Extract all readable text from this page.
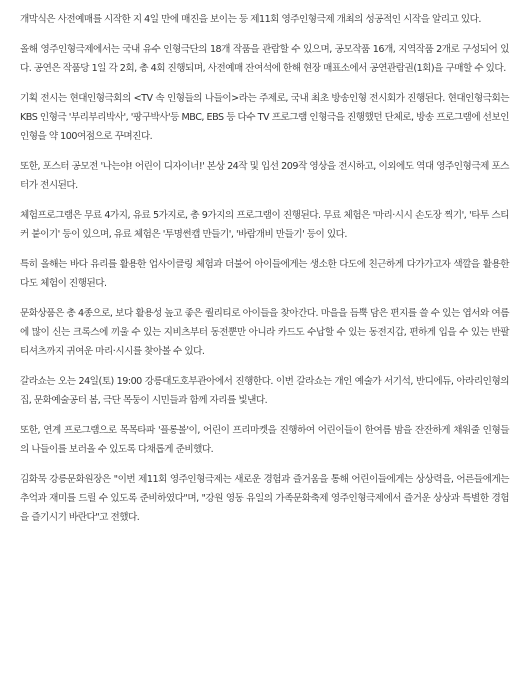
개막식은 사전예매를 시작한 지 4일 만에 매진을 보이는 등 제11회 영주인형극제 개최의 성공적인 시작을 알리고 있다.

올해 영주인형극제에서는 국내 유수 인형극단의 18개 작품을 관람할 수 있으며, 공모작품 16개, 지역작품 2개로 구성되어 있다. 공연은 작품당 1일 각 2회, 총 4회 진행되며, 사전예매 잔여석에 한해 현장 매표소에서 공연관람권(1회)을 구매할 수 있다.

기획 전시는 현대인형극회의 <TV 속 인형들의 나들이>라는 주제로, 국내 최초 방송인형 전시회가 진행된다. 현대인형극회는 KBS 인형극 '부리부리박사', '팡구박사'등 MBC, EBS 등 다수 TV 프로그램 인형극을 진행했던 단체로, 방송 프로그램에 선보인 인형을 약 100여점으로 꾸며진다.

또한, 포스터 공모전 '나는야! 어린이 디자이너!' 본상 24작 및 입선 209작 영상을 전시하고, 이외에도 역대 영주인형극제 포스터가 전시된다.

체험프로그램은 무료 4가지, 유료 5가지로, 총 9가지의 프로그램이 진행된다. 무료 체험은 '마리·시시 손도장 찍기', '타투 스티커 붙이기' 등이 있으며, 유료 체험은 '투명썬캡 만들기', '바람개비 만들기' 등이 있다.

특히 올해는 바다 유리를 활용한 업사이클링 체험과 더불어 아이들에게는 생소한 다도에 친근하게 다가가고자 색깔을 활용한 다도 체험이 진행된다.

문화상품은 총 4종으로, 보다 활용성 높고 좋은 퀄리티로 아이들을 찾아간다. 마을을 듬뿍 담은 편지를 쓸 수 있는 엽서와 여름에 많이 신는 크록스에 끼울 수 있는 지비츠부터 동전뿐만 아니라 카드도 수납할 수 있는 동전지갑, 편하게 입을 수 있는 반팔 티셔츠까지 귀여운 마리·시시를 찾아볼 수 있다.

갈라쇼는 오는 24일(토) 19:00 강릉대도호부관아에서 진행한다. 이번 갈라쇼는 개인 예술가 서기석, 반디에듀, 아라리인형의집, 문화예술공터 봄, 극단 목둥이 시민들과 함께 자리를 빛낸다.

또한, 연계 프로그램으로 목목타파 '플롱볼'이, 어린이 프리마켓을 진행하여 어린이들이 한여름 밤을 잔잔하게 채워줄 인형들의 나들이를 보러올 수 있도록 다채롭게 준비했다.

김화묵 강릉문화원장은 "이번 제11회 영주인형극제는 새로운 경험과 즐거움을 통해 어린이들에게는 상상력을, 어른들에게는 추억과 재미를 드릴 수 있도록 준비하였다"며, "강원 영동 유일의 가족문화축제 영주인형극제에서 즐거운 상상과 특별한 경험을 즐기시기 바란다"고 전했다.
